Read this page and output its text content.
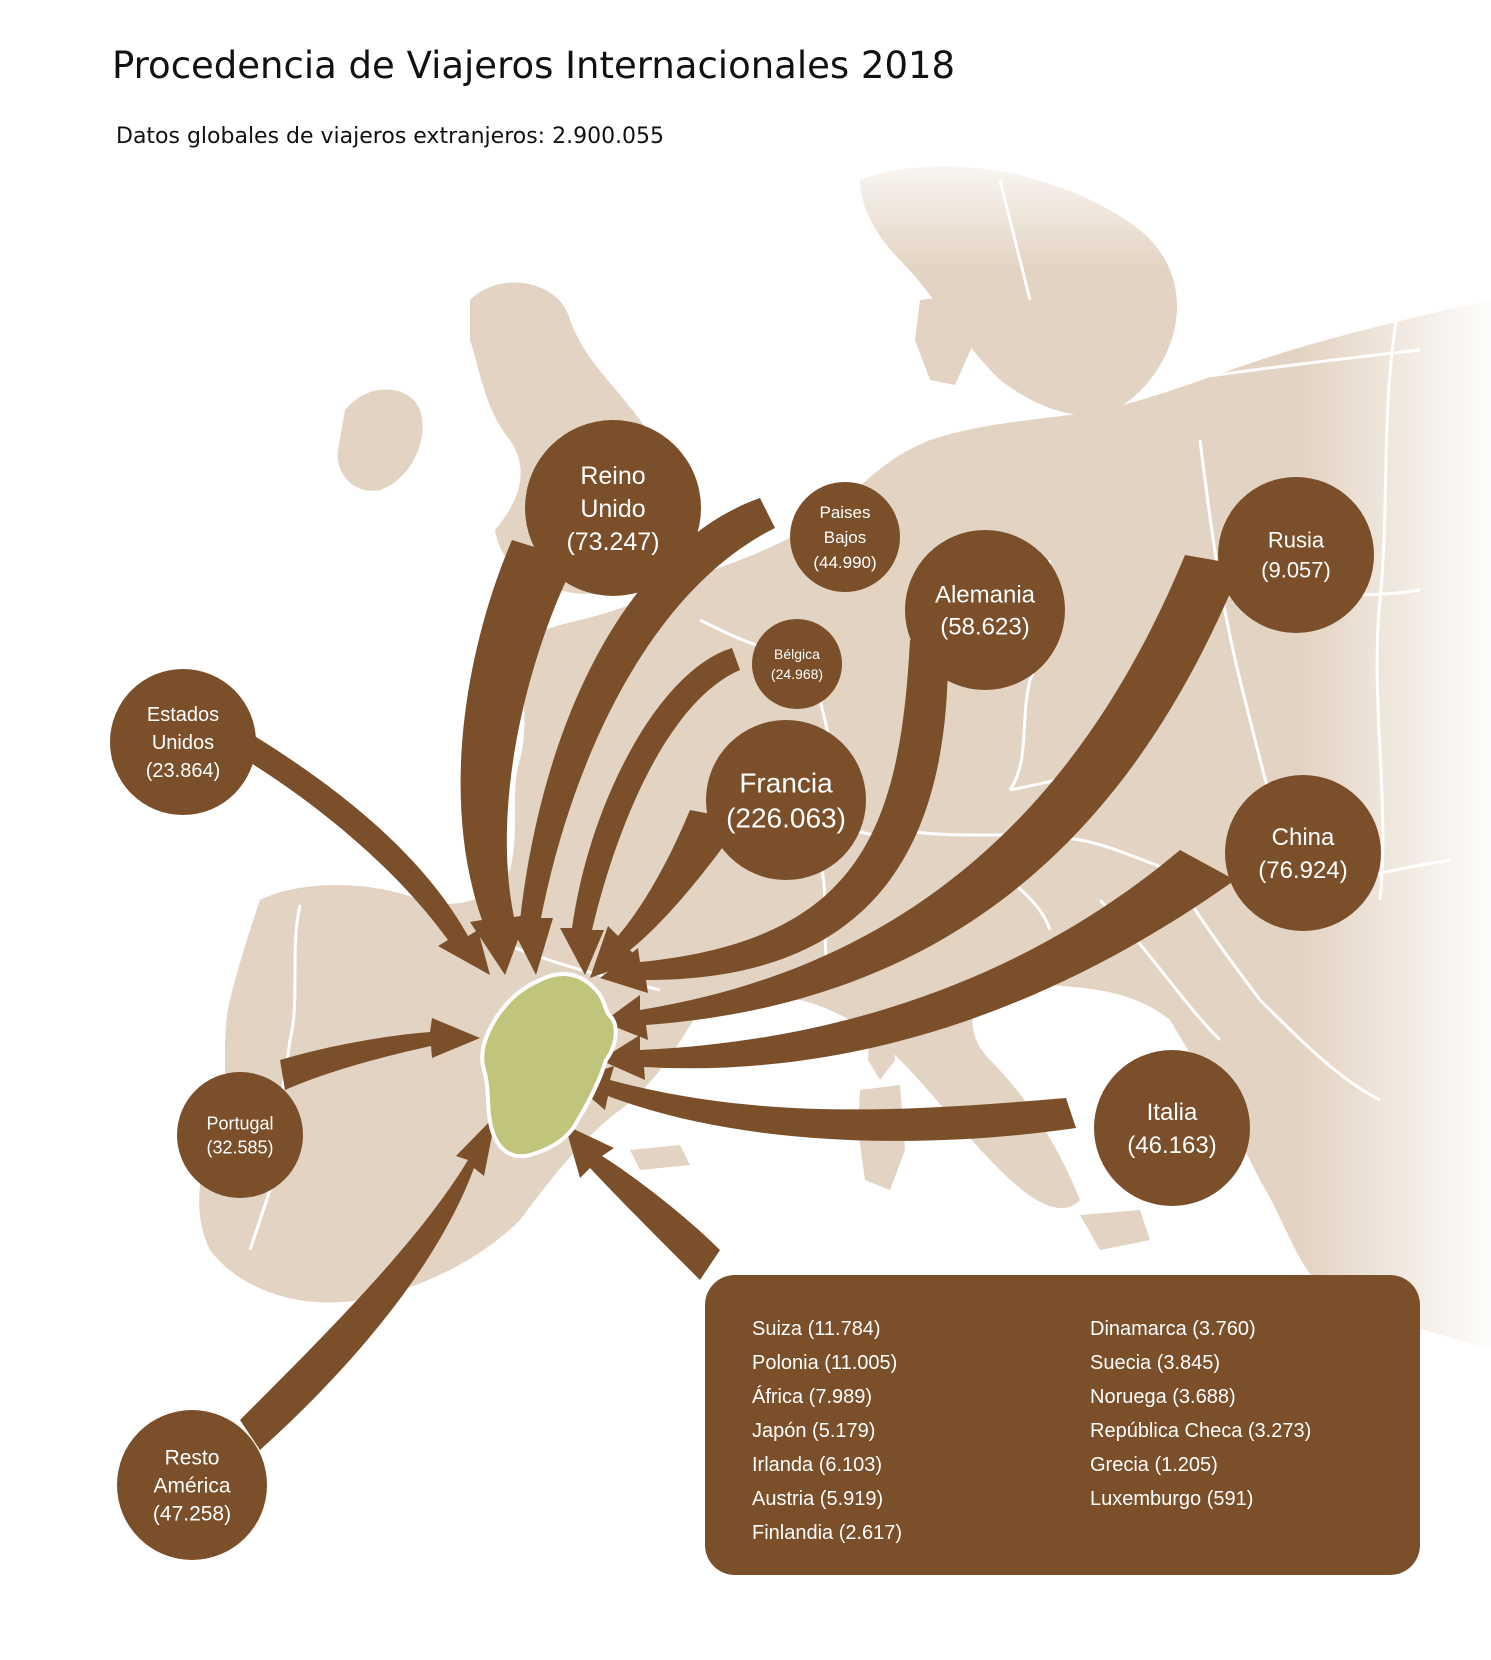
Procedencia de Viajeros Internacionales 2018
Datos globales de viajeros extranjeros: 2.900.055
Reino
Unido
(73.247)
Paises
Bajos
(44.990)
Bélgica
(24.968)
Alemania
(58.623)
Francia
(226.063)
Rusia
(9.057)
China
(76.924)
Italia
(46.163)
Estados
Unidos
(23.864)
Portugal
(32.585)
Resto
América
(47.258)
Suiza (11.784)
Polonia (11.005)
África (7.989)
Japón (5.179)
Irlanda (6.103)
Austria (5.919)
Finlandia (2.617)
Dinamarca (3.760)
Suecia (3.845)
Noruega (3.688)
República Checa (3.273)
Grecia (1.205)
Luxemburgo (591)
